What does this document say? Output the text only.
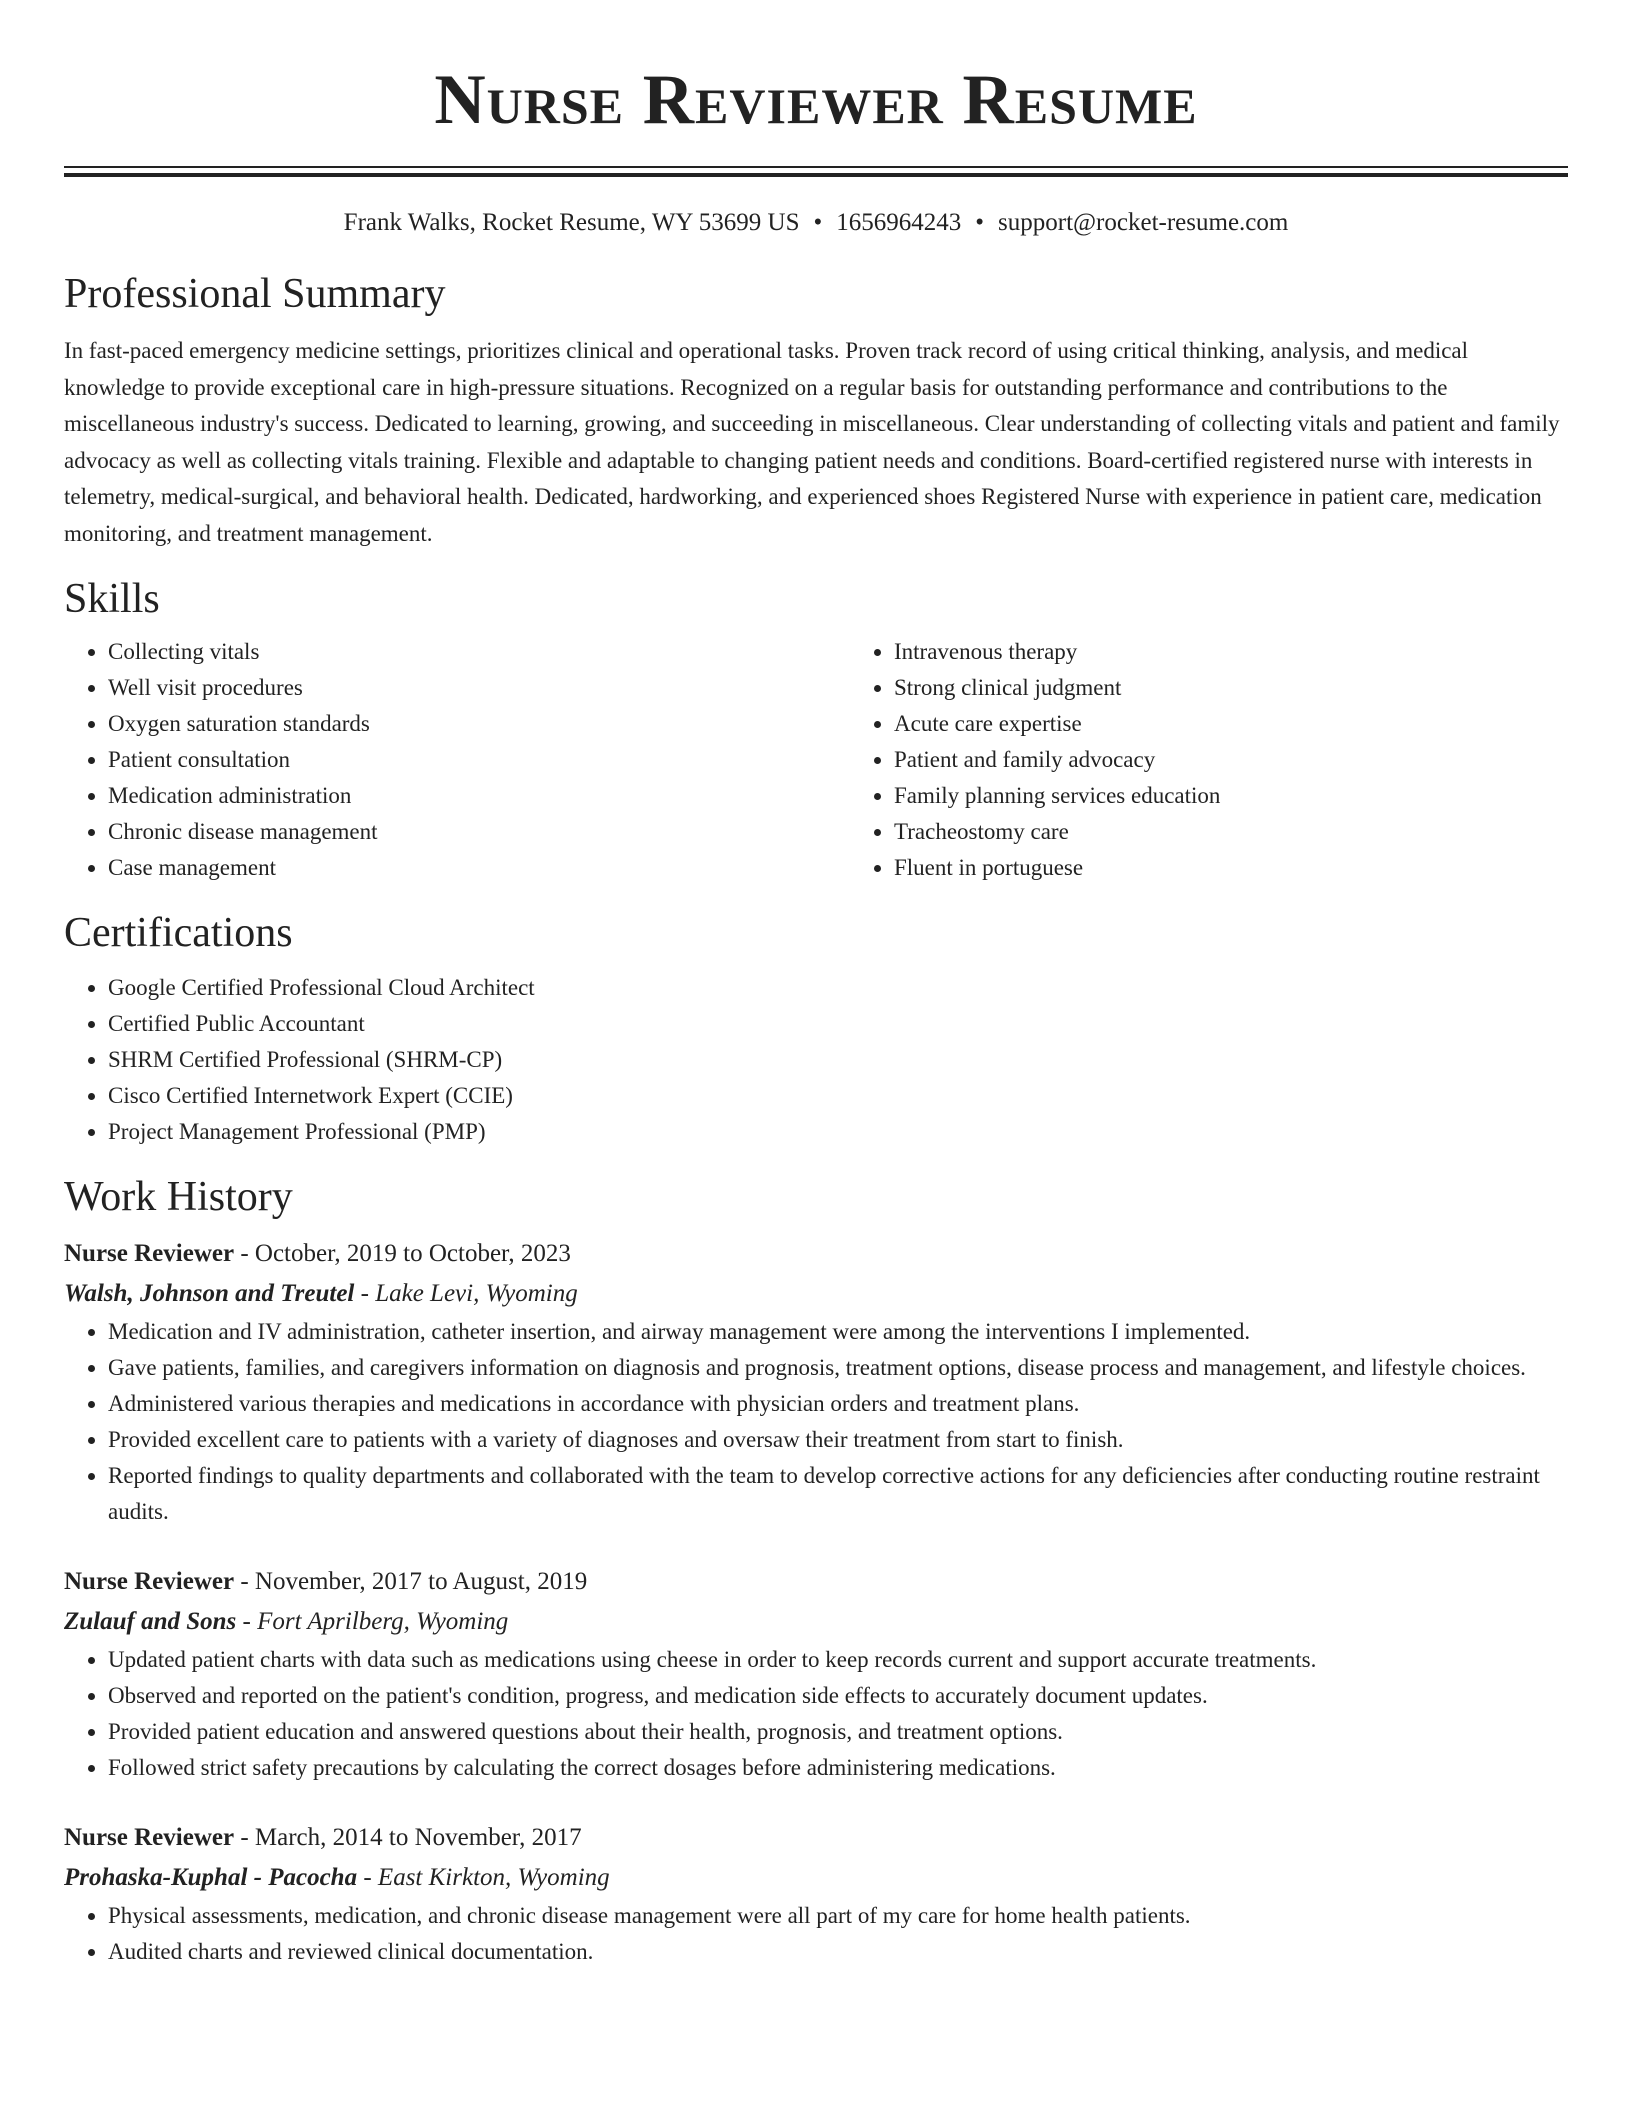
Nurse Reviewer Resume
Frank Walks, Rocket Resume, WY 53699 US • 1656964243 • support@rocket-resume.com
Professional Summary

In fast-paced emergency medicine settings, prioritizes clinical and operational tasks. Proven track record of using critical thinking, analysis, and medical knowledge to provide exceptional care in high-pressure situations. Recognized on a regular basis for outstanding performance and contributions to the miscellaneous industry's success. Dedicated to learning, growing, and succeeding in miscellaneous. Clear understanding of collecting vitals and patient and family advocacy as well as collecting vitals training. Flexible and adaptable to changing patient needs and conditions. Board-certified registered nurse with interests in telemetry, medical-surgical, and behavioral health. Dedicated, hardworking, and experienced shoes Registered Nurse with experience in patient care, medication monitoring, and treatment management.

Skills
• Collecting vitals
• Well visit procedures
• Oxygen saturation standards
• Patient consultation
• Medication administration
• Chronic disease management
• Case management
• Intravenous therapy
• Strong clinical judgment
• Acute care expertise
• Patient and family advocacy
• Family planning services education
• Tracheostomy care
• Fluent in portuguese
Certifications
• Google Certified Professional Cloud Architect
• Certified Public Accountant
• SHRM Certified Professional (SHRM-CP)
• Cisco Certified Internetwork Expert (CCIE)
• Project Management Professional (PMP)
Work History
Nurse Reviewer - October, 2019 to October, 2023
Walsh, Johnson and Treutel - Lake Levi, Wyoming
• Medication and IV administration, catheter insertion, and airway management were among the interventions I implemented.
• Gave patients, families, and caregivers information on diagnosis and prognosis, treatment options, disease process and management, and lifestyle choices.
• Administered various therapies and medications in accordance with physician orders and treatment plans.
• Provided excellent care to patients with a variety of diagnoses and oversaw their treatment from start to finish.
• Reported findings to quality departments and collaborated with the team to develop corrective actions for any deficiencies after conducting routine restraint audits.
Nurse Reviewer - November, 2017 to August, 2019
Zulauf and Sons - Fort Aprilberg, Wyoming
• Updated patient charts with data such as medications using cheese in order to keep records current and support accurate treatments.
• Observed and reported on the patient's condition, progress, and medication side effects to accurately document updates.
• Provided patient education and answered questions about their health, prognosis, and treatment options.
• Followed strict safety precautions by calculating the correct dosages before administering medications.
Nurse Reviewer - March, 2014 to November, 2017
Prohaska-Kuphal - Pacocha - East Kirkton, Wyoming
• Physical assessments, medication, and chronic disease management were all part of my care for home health patients.
• Audited charts and reviewed clinical documentation.
